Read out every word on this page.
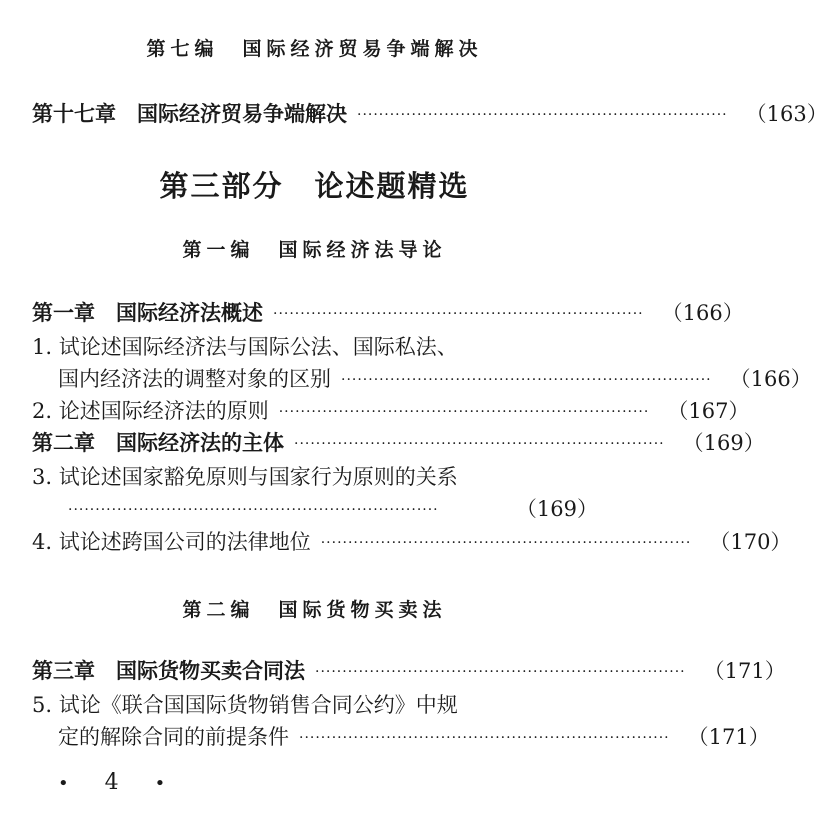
第七编　国际经济贸易争端解决
第十七章　国际经济贸易争端解决 ···································································· （163）
第三部分　论述题精选
第一编　国际经济法导论
第一章　国际经济法概述 ···································································· （166）
1. 试论述国际经济法与国际公法、国际私法、
国内经济法的调整对象的区别 ···································································· （166）
2. 论述国际经济法的原则 ···································································· （167）
第二章　国际经济法的主体 ···································································· （169）
3. 试论述国家豁免原则与国家行为原则的关系
····································································	（169）
4. 试论述跨国公司的法律地位 ···································································· （170）
第二编　国际货物买卖法
第三章　国际货物买卖合同法 ···································································· （171）
5. 试论《联合国国际货物销售合同公约》中规
定的解除合同的前提条件 ···································································· （171）
• 4 •
